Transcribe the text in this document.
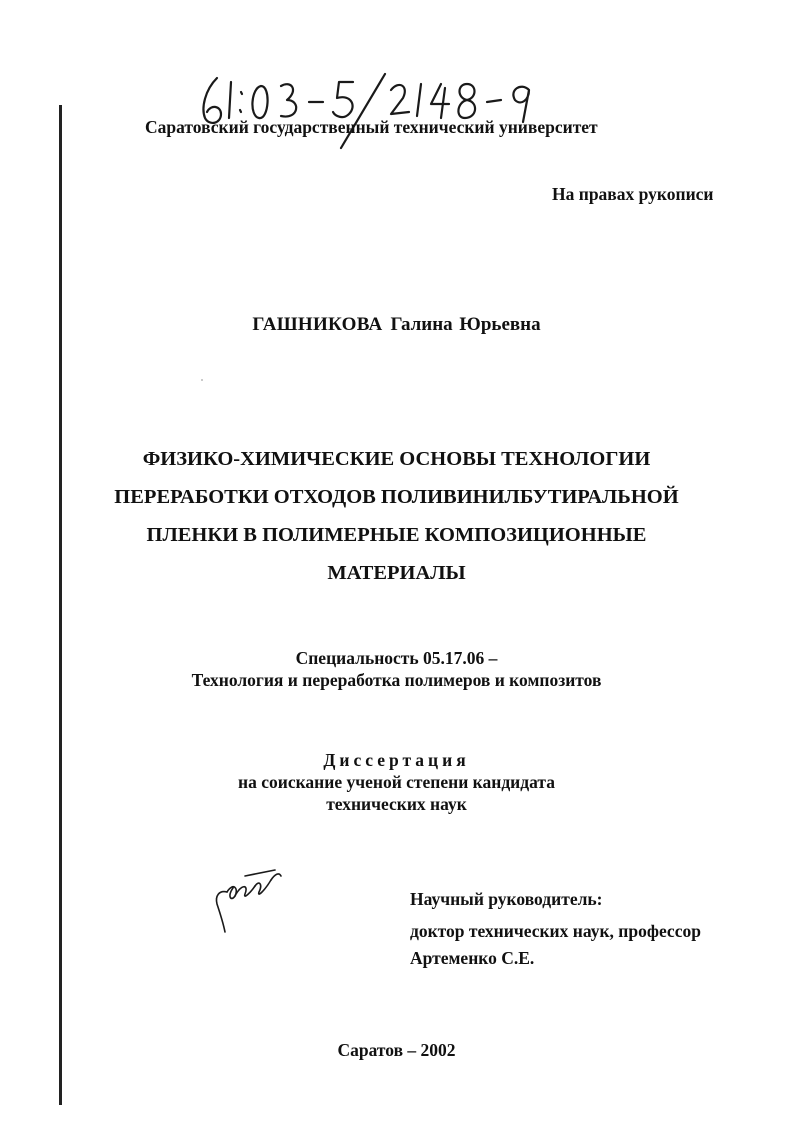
Саратовский государственный технический университет
На правах рукописи
ГАШНИКОВА Галина Юрьевна
ФИЗИКО-ХИМИЧЕСКИЕ ОСНОВЫ ТЕХНОЛОГИИ
ПЕРЕРАБОТКИ ОТХОДОВ ПОЛИВИНИЛБУТИРАЛЬНОЙ
ПЛЕНКИ В ПОЛИМЕРНЫЕ КОМПОЗИЦИОННЫЕ
МАТЕРИАЛЫ
Специальность 05.17.06 –
Технология и переработка полимеров и композитов
Диссертация
на соискание ученой степени кандидата
технических наук
Научный руководитель:
доктор технических наук, профессор
Артеменко С.Е.
Саратов – 2002
